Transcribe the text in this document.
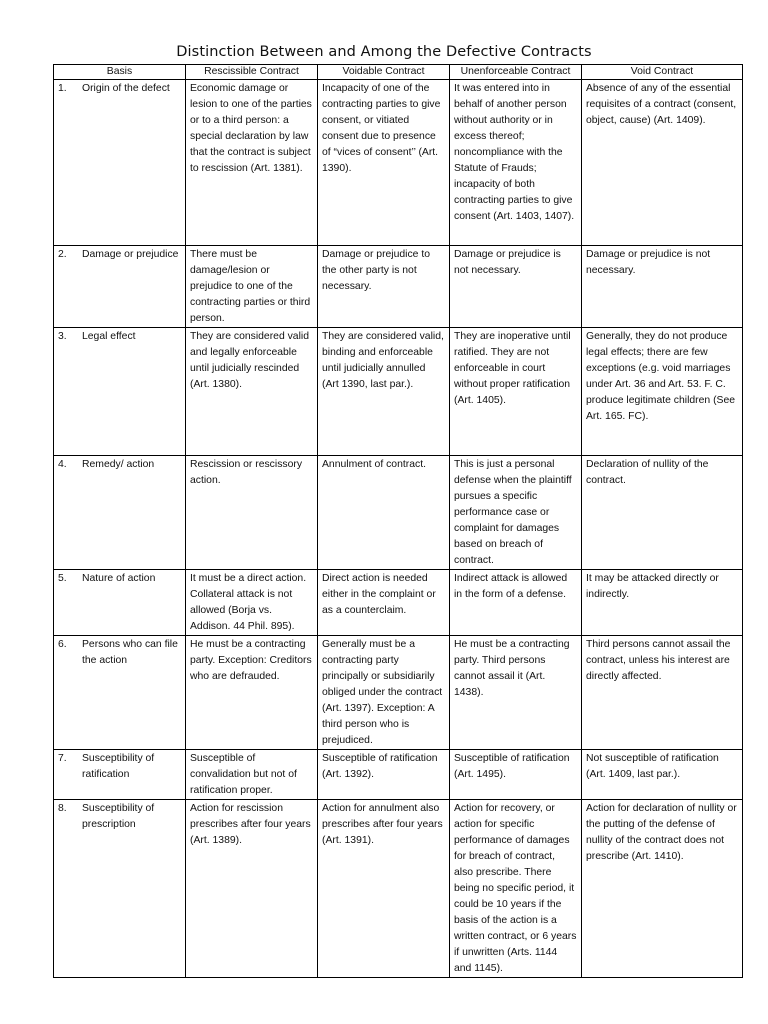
Distinction Between and Among the Defective Contracts
Basis	Rescissible Contract	Voidable Contract	Unenforceable Contract	Void Contract

1. Origin of the defect	Economic damage or lesion to one of the parties or to a third person: a special declaration by law that the contract is subject to rescission (Art. 1381).	Incapacity of one of the contracting parties to give consent, or vitiated consent due to presence of “vices of consent’’ (Art. 1390).	It was entered into in behalf of another person without authority or in excess thereof; noncompliance with the Statute of Frauds; incapacity of both contracting parties to give consent (Art. 1403, 1407).	Absence of any of the essential requisites of a contract (consent, object, cause) (Art. 1409).

2. Damage or prejudice	There must be damage/lesion or prejudice to one of the contracting parties or third person.	Damage or prejudice to the other party is not necessary.	Damage or prejudice is not necessary.	Damage or prejudice is not necessary.

3. Legal effect	They are considered valid and legally enforceable until judicially rescinded (Art. 1380).	They are considered valid, binding and enforceable until judicially annulled (Art 1390, last par.).	They are inoperative until ratified. They are not enforceable in court without proper ratification (Art. 1405).	Generally, they do not produce legal effects; there are few exceptions (e.g. void marriages under Art. 36 and Art. 53. F. C. produce legitimate children (See Art. 165. FC).

4. Remedy/ action	Rescission or rescissory action.	Annulment of contract.	This is just a personal defense when the plaintiff pursues a specific performance case or complaint for damages based on breach of contract.	Declaration of nullity of the contract.

5. Nature of action	It must be a direct action. Collateral attack is not allowed (Borja vs. Addison. 44 Phil. 895).	Direct action is needed either in the complaint or as a counterclaim.	Indirect attack is allowed in the form of a defense.	It may be attacked directly or indirectly.

6. Persons who can file the action	He must be a contracting party. Exception: Creditors who are defrauded.	Generally must be a contracting party principally or subsidiarily obliged under the contract (Art. 1397). Exception: A third person who is prejudiced.	He must be a contracting party. Third persons cannot assail it (Art. 1438).	Third persons cannot assail the contract, unless his interest are directly affected.

7. Susceptibility of ratification	Susceptible of convalidation but not of ratification proper.	Susceptible of ratification (Art. 1392).	Susceptible of ratification (Art. 1495).	Not susceptible of ratification (Art. 1409, last par.).

8. Susceptibility of prescription	Action for rescission prescribes after four years (Art. 1389).	Action for annulment also prescribes after four years (Art. 1391).	Action for recovery, or action for specific performance of damages for breach of contract, also prescribe. There being no specific period, it could be 10 years if the basis of the action is a written contract, or 6 years if unwritten (Arts. 1144 and 1145).	Action for declaration of nullity or the putting of the defense of nullity of the contract does not prescribe (Art. 1410).
